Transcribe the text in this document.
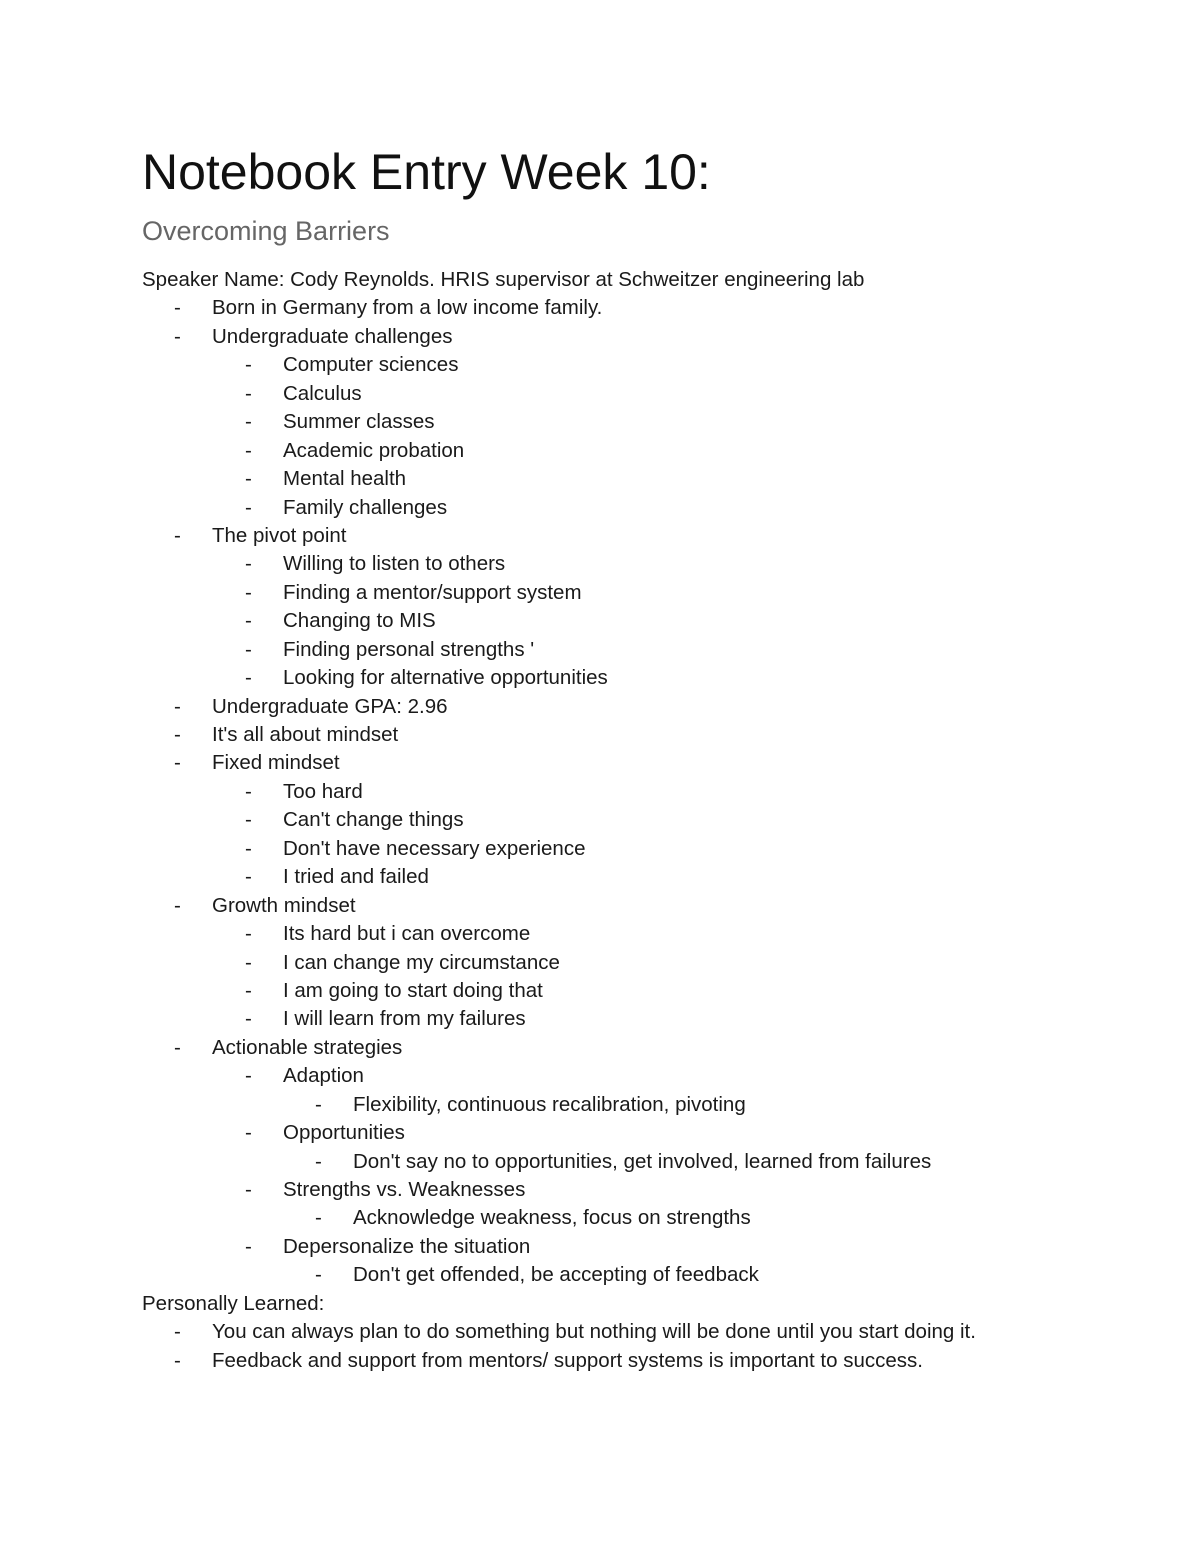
Notebook Entry Week 10:
Overcoming Barriers
Speaker Name: Cody Reynolds. HRIS supervisor at Schweitzer engineering lab
- Born in Germany from a low income family.
- Undergraduate challenges
- Computer sciences
- Calculus
- Summer classes
- Academic probation
- Mental health
- Family challenges
- The pivot point
- Willing to listen to others
- Finding a mentor/support system
- Changing to MIS
- Finding personal strengths '
- Looking for alternative opportunities
- Undergraduate GPA: 2.96
- It's all about mindset
- Fixed mindset
- Too hard
- Can't change things
- Don't have necessary experience
- I tried and failed
- Growth mindset
- Its hard but i can overcome
- I can change my circumstance
- I am going to start doing that
- I will learn from my failures
- Actionable strategies
- Adaption
- Flexibility, continuous recalibration, pivoting
- Opportunities
- Don't say no to opportunities, get involved, learned from failures
- Strengths vs. Weaknesses
- Acknowledge weakness, focus on strengths
- Depersonalize the situation
- Don't get offended, be accepting of feedback
Personally Learned:
- You can always plan to do something but nothing will be done until you start doing it.
- Feedback and support from mentors/ support systems is important to success.
